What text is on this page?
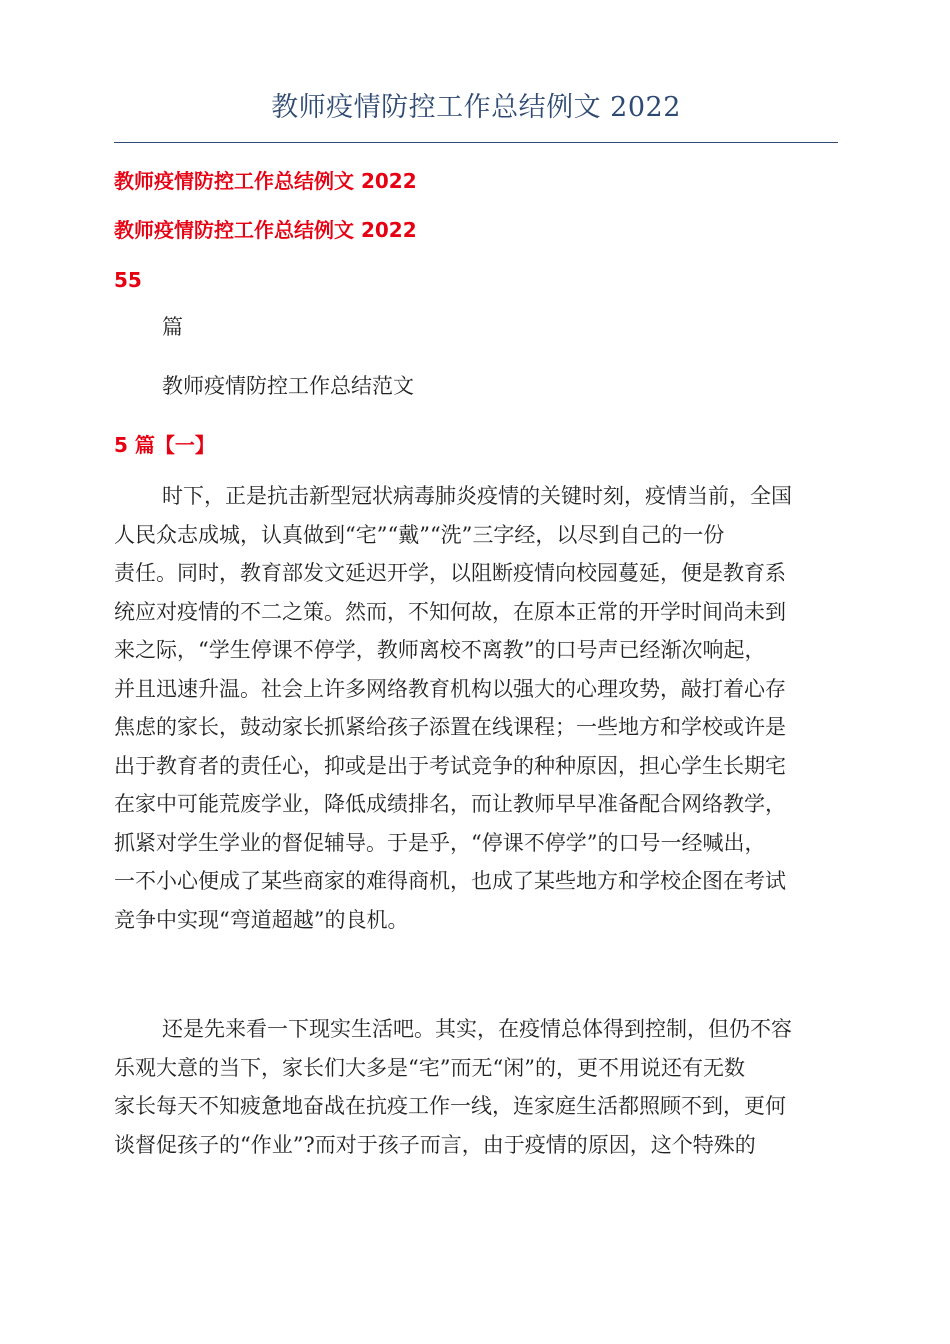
教师疫情防控工作总结例文 2022
教师疫情防控工作总结例文 2022
教师疫情防控工作总结例文 2022
55
篇
教师疫情防控工作总结范文
5 篇【一】
时下，正是抗击新型冠状病毒肺炎疫情的关键时刻，疫情当前，全国
人民众志成城，认真做到“宅”“戴”“洗”三字经，以尽到自己的一份
责任。同时，教育部发文延迟开学，以阻断疫情向校园蔓延，便是教育系
统应对疫情的不二之策。然而，不知何故，在原本正常的开学时间尚未到
来之际，“学生停课不停学，教师离校不离教”的口号声已经渐次响起，
并且迅速升温。社会上许多网络教育机构以强大的心理攻势，敲打着心存
焦虑的家长，鼓动家长抓紧给孩子添置在线课程；一些地方和学校或许是
出于教育者的责任心，抑或是出于考试竞争的种种原因，担心学生长期宅
在家中可能荒废学业，降低成绩排名，而让教师早早准备配合网络教学，
抓紧对学生学业的督促辅导。于是乎，“停课不停学”的口号一经喊出，
一不小心便成了某些商家的难得商机，也成了某些地方和学校企图在考试
竞争中实现“弯道超越”的良机。
还是先来看一下现实生活吧。其实，在疫情总体得到控制，但仍不容
乐观大意的当下，家长们大多是“宅”而无“闲”的，更不用说还有无数
家长每天不知疲惫地奋战在抗疫工作一线，连家庭生活都照顾不到，更何
谈督促孩子的“作业”?而对于孩子而言，由于疫情的原因，这个特殊的
